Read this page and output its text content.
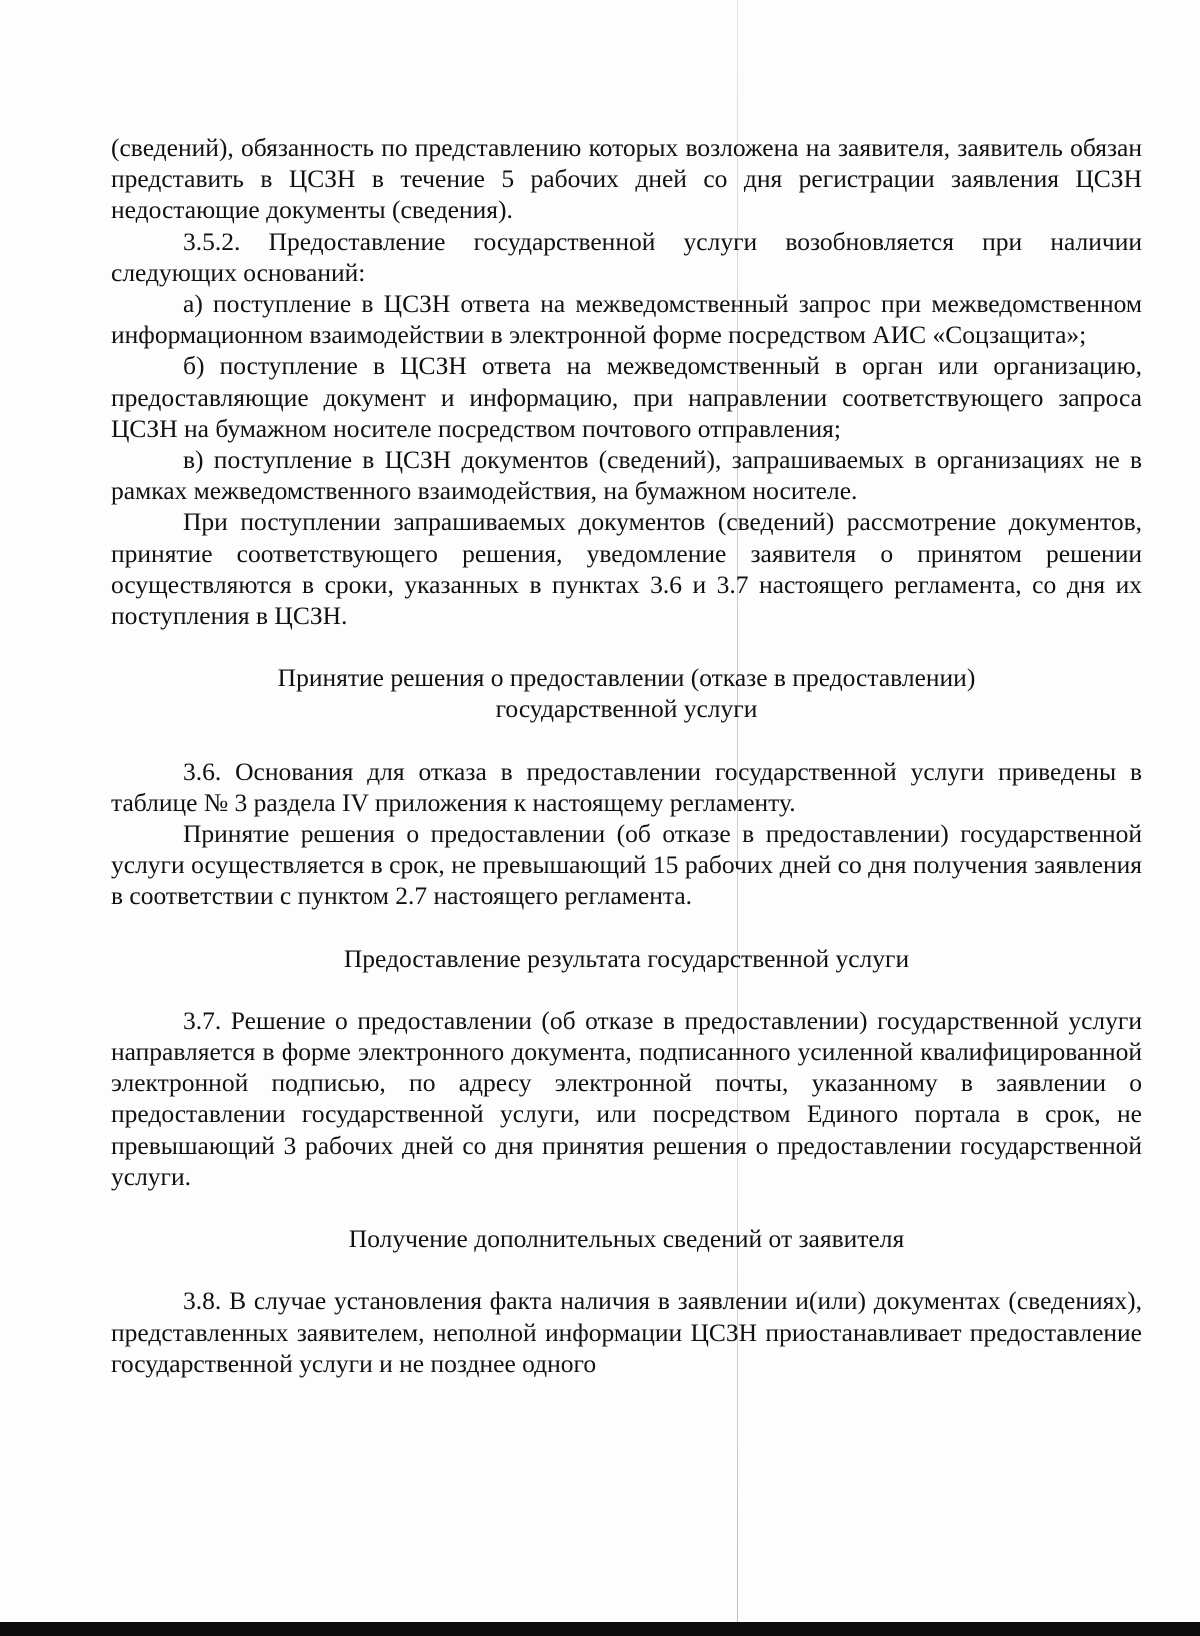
(сведений), обязанность по представлению которых возложена на заявителя, заявитель обязан представить в ЦСЗН в течение 5 рабочих дней со дня регистрации заявления ЦСЗН недостающие документы (сведения).

3.5.2. Предоставление государственной услуги возобновляется при наличии следующих оснований:

а) поступление в ЦСЗН ответа на межведомственный запрос при межведомственном информационном взаимодействии в электронной форме посредством АИС «Соцзащита»;

б) поступление в ЦСЗН ответа на межведомственный в орган или организацию, предоставляющие документ и информацию, при направлении соответствующего запроса ЦСЗН на бумажном носителе посредством почтового отправления;

в) поступление в ЦСЗН документов (сведений), запрашиваемых в организациях не в рамках межведомственного взаимодействия, на бумажном носителе.

При поступлении запрашиваемых документов (сведений) рассмотрение документов, принятие соответствующего решения, уведомление заявителя о принятом решении осуществляются в сроки, указанных в пунктах 3.6 и 3.7 настоящего регламента, со дня их поступления в ЦСЗН.

Принятие решения о предоставлении (отказе в предоставлении)

государственной услуги

3.6. Основания для отказа в предоставлении государственной услуги приведены в таблице № 3 раздела IV приложения к настоящему регламенту.

Принятие решения о предоставлении (об отказе в предоставлении) государственной услуги осуществляется в срок, не превышающий 15 рабочих дней со дня получения заявления в соответствии с пунктом 2.7 настоящего регламента.

Предоставление результата государственной услуги

3.7. Решение о предоставлении (об отказе в предоставлении) государственной услуги направляется в форме электронного документа, подписанного усиленной квалифицированной электронной подписью, по адресу электронной почты, указанному в заявлении о предоставлении государственной услуги, или посредством Единого портала в срок, не превышающий 3 рабочих дней со дня принятия решения о предоставлении государственной услуги.

Получение дополнительных сведений от заявителя

3.8. В случае установления факта наличия в заявлении и(или) документах (сведениях), представленных заявителем, неполной информации ЦСЗН приостанавливает предоставление государственной услуги и не позднее одного
